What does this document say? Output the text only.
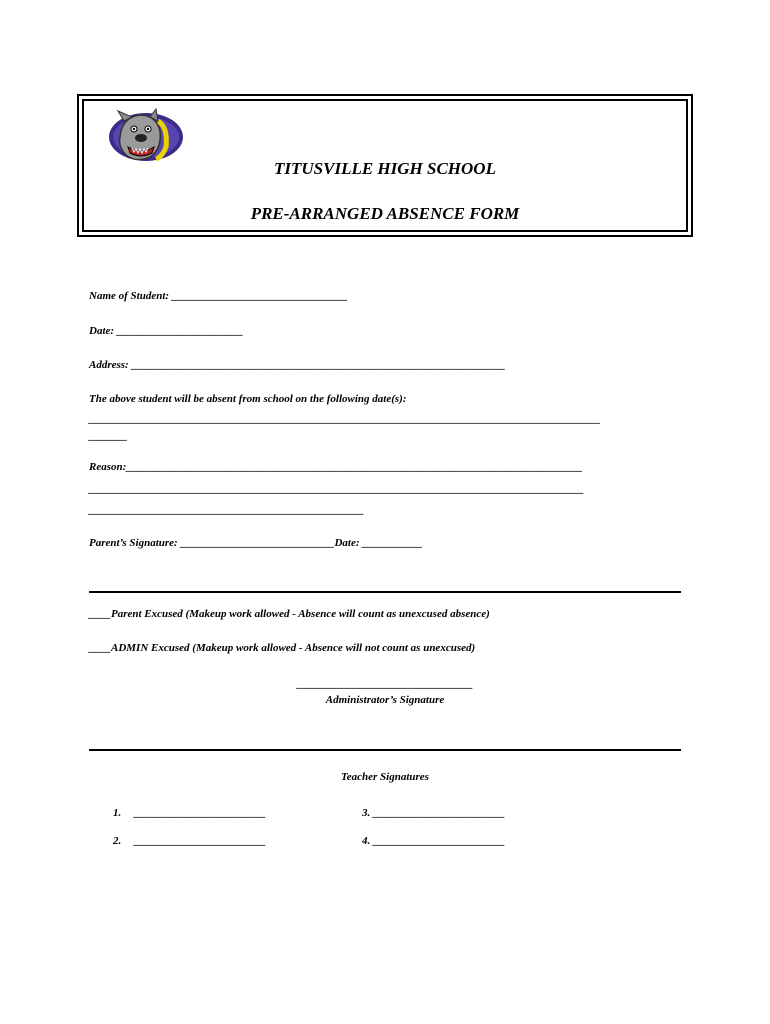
TITUSVILLE HIGH SCHOOL
PRE-ARRANGED ABSENCE FORM
Name of Student: ________________________________
Date: _______________________
Address: ____________________________________________________________________
The above student will be absent from school on the following date(s):
_____________________________________________________________________________________________
_______
Reason:___________________________________________________________________________________
__________________________________________________________________________________________
__________________________________________________
Parent’s Signature: ____________________________Date: ___________
____Parent Excused (Makeup work allowed - Absence will count as unexcused absence)
____ADMIN Excused (Makeup work allowed - Absence will not count as unexcused)
________________________________
Administrator’s Signature
Teacher Signatures
1. ________________________	3. ________________________
2. ________________________	4. ________________________
